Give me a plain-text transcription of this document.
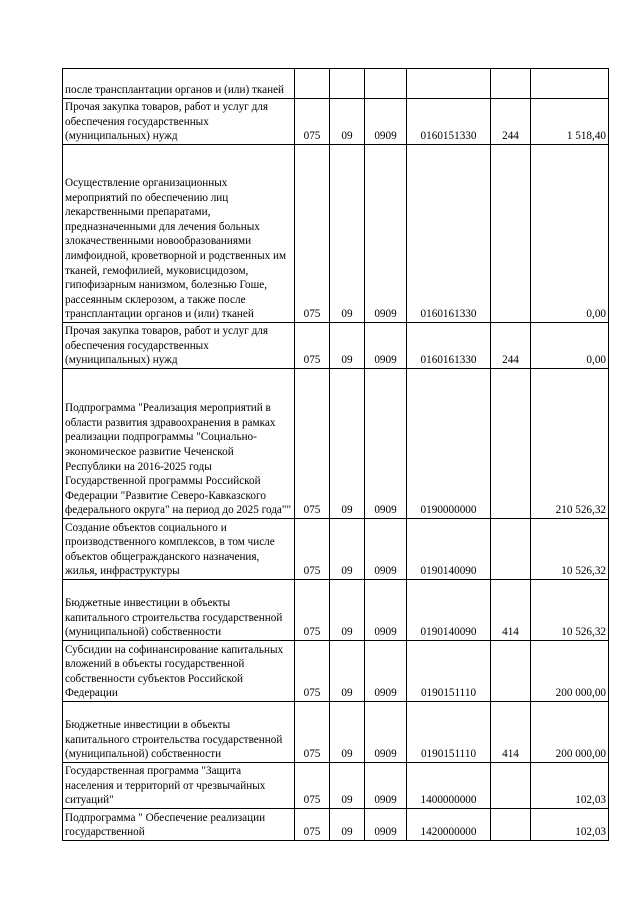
после трансплантации органов и (или) тканей						

Прочая закупка товаров, работ и услуг для обеспечения государственных (муниципальных) нужд	075	09	0909	0160151330	244	1 518,40

Осуществление организационных мероприятий по обеспечению лиц лекарственными препаратами, предназначенными для лечения больных злокачественными новообразованиями лимфоидной, кроветворной и родственных им тканей, гемофилией, муковисцидозом, гипофизарным нанизмом, болезнью Гоше, рассеянным склерозом, а также после трансплантации органов и (или) тканей	075	09	0909	0160161330		0,00

Прочая закупка товаров, работ и услуг для обеспечения государственных (муниципальных) нужд	075	09	0909	0160161330	244	0,00

Подпрограмма "Реализация мероприятий в области развития здравоохранения в рамках реализации подпрограммы "Социально-экономическое развитие Чеченской Республики на 2016-2025 годы Государственной программы Российской Федерации "Развитие Северо-Кавказского федерального округа" на период до 2025 года""	075	09	0909	0190000000		210 526,32

Создание объектов социального и производственного комплексов, в том числе объектов общегражданского назначения, жилья, инфраструктуры	075	09	0909	0190140090		10 526,32

Бюджетные инвестиции в объекты капитального строительства государственной (муниципальной) собственности	075	09	0909	0190140090	414	10 526,32

Субсидии на софинансирование капитальных вложений в объекты государственной собственности субъектов Российской Федерации	075	09	0909	0190151110		200 000,00

Бюджетные инвестиции в объекты капитального строительства государственной (муниципальной) собственности	075	09	0909	0190151110	414	200 000,00

Государственная программа "Защита населения и территорий от чрезвычайных ситуаций"	075	09	0909	1400000000		102,03

Подпрограмма " Обеспечение реализации государственной	075	09	0909	1420000000		102,03
